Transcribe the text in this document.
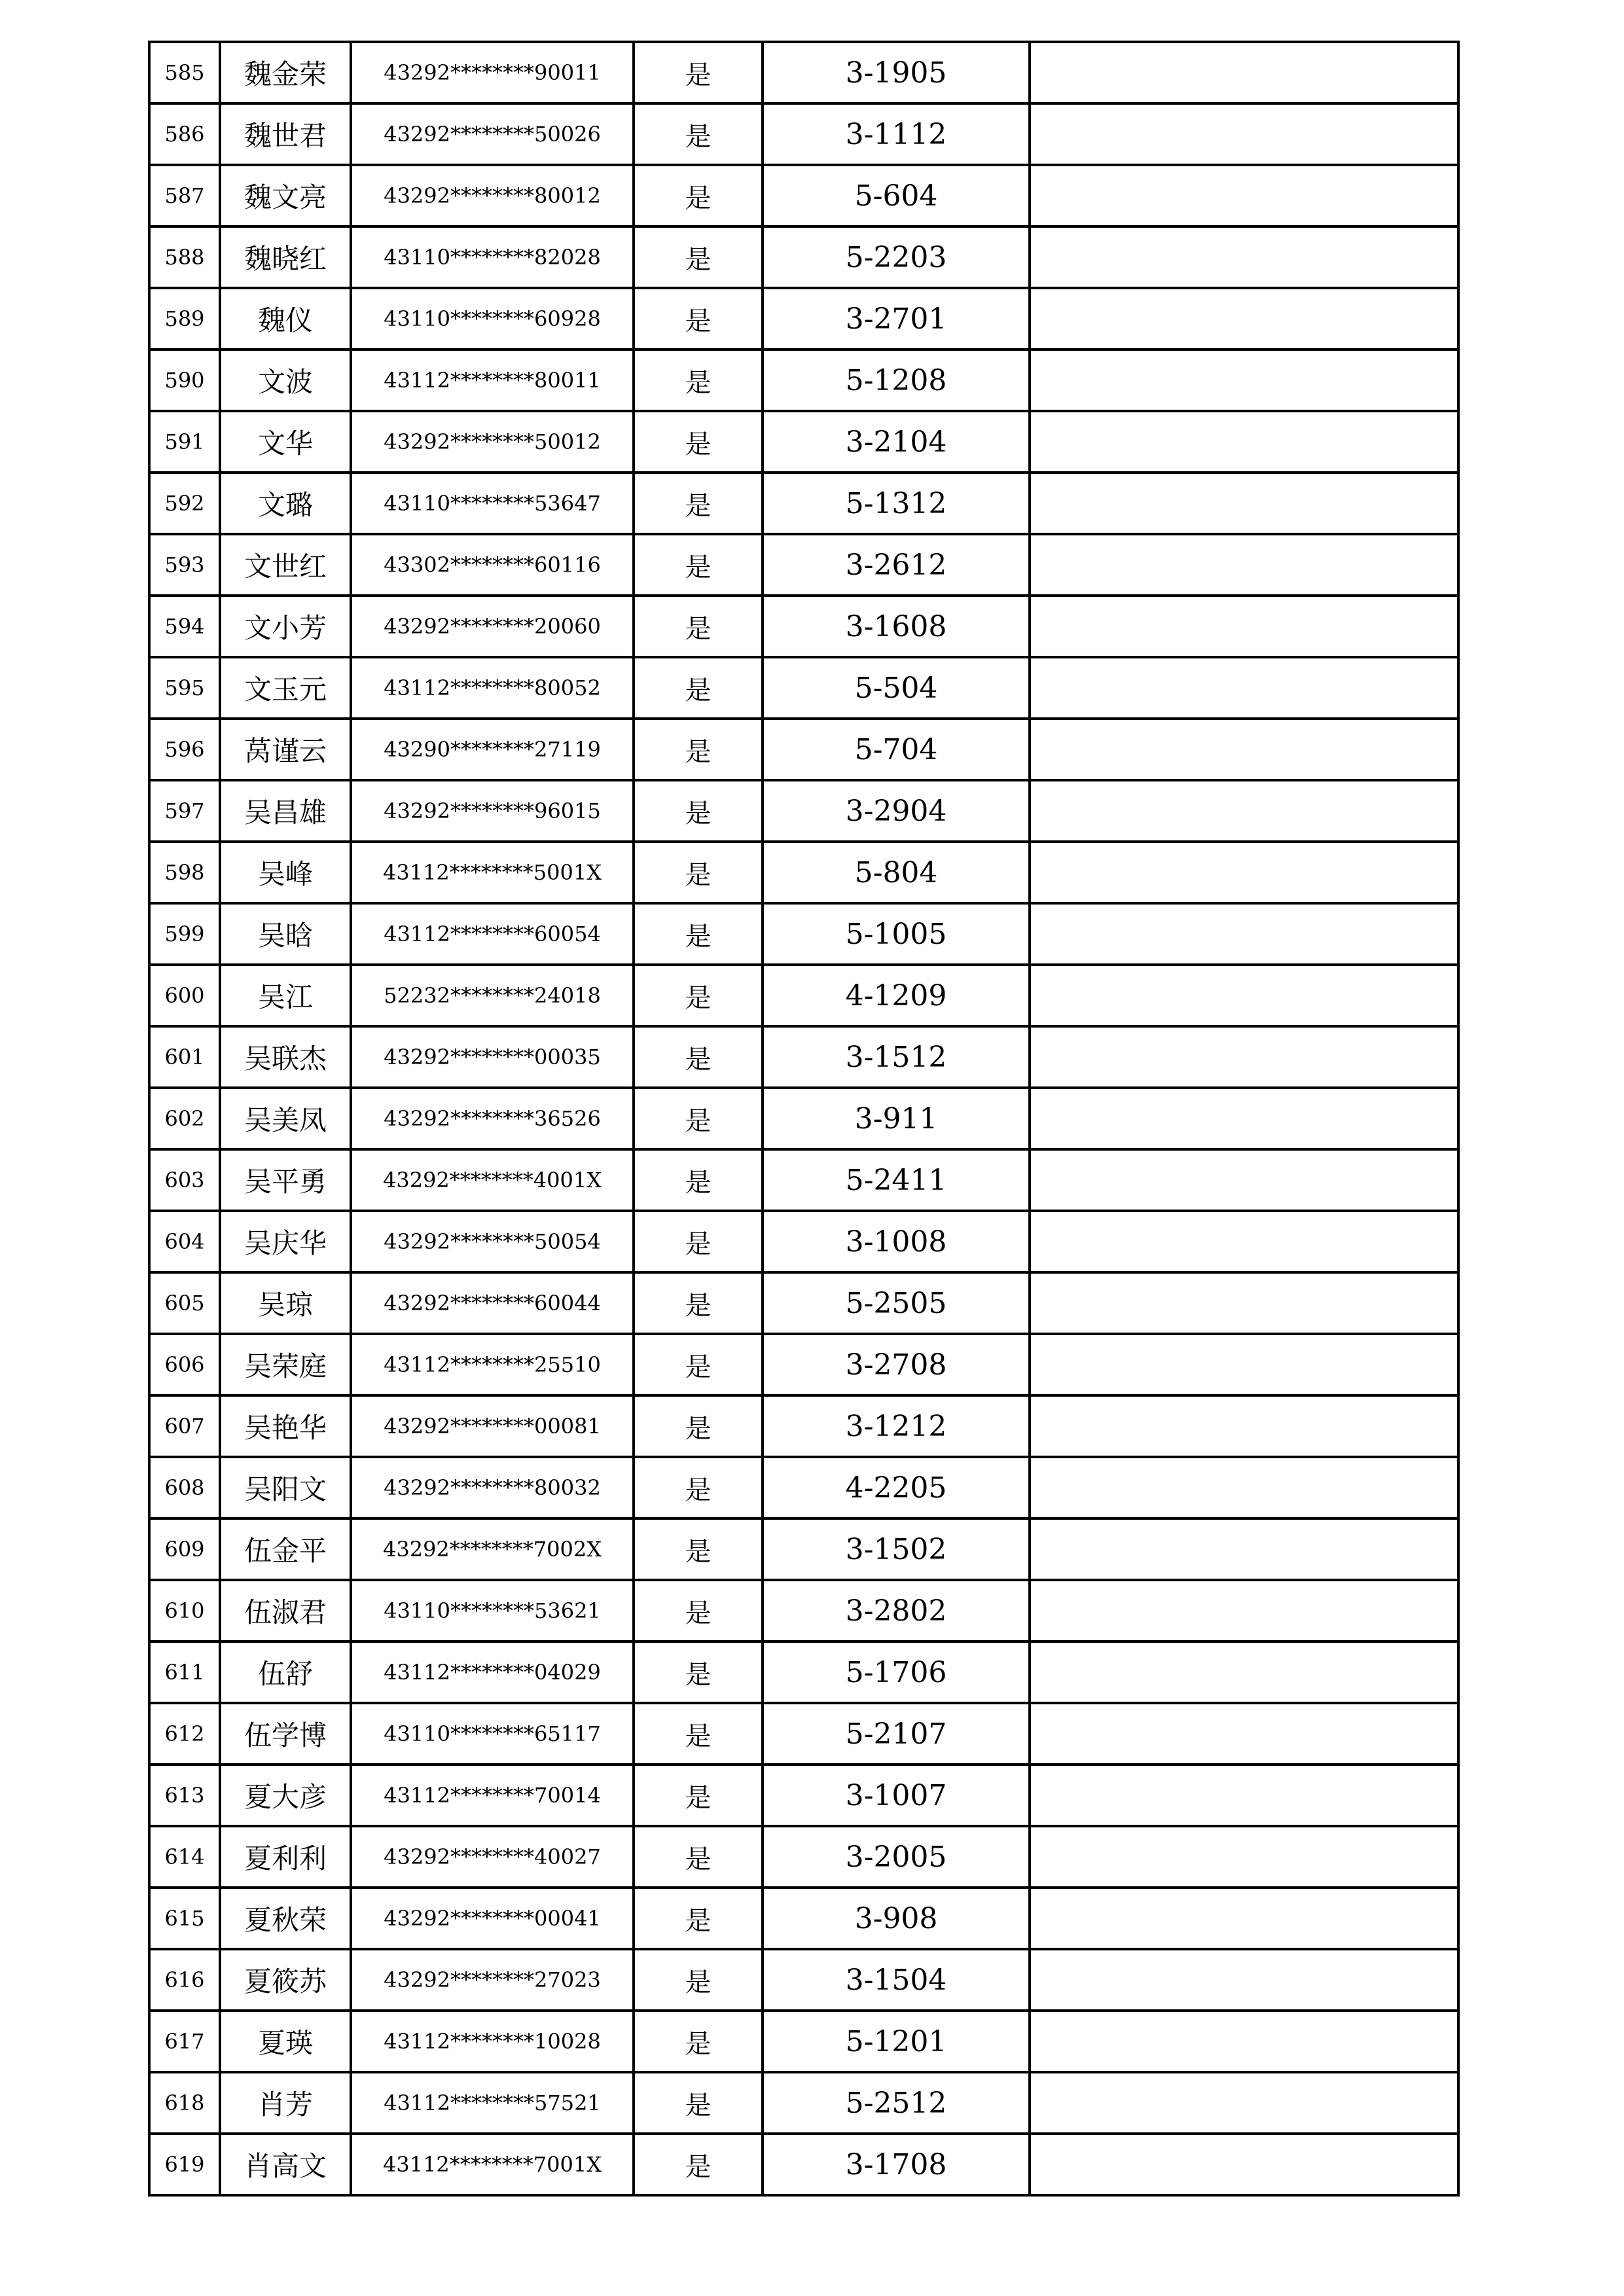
585	魏金荣	43292********90011	是	3-1905	
586	魏世君	43292********50026	是	3-1112	
587	魏文亮	43292********80012	是	5-604	
588	魏晓红	43110********82028	是	5-2203	
589	魏仪	43110********60928	是	3-2701	
590	文波	43112********80011	是	5-1208	
591	文华	43292********50012	是	3-2104	
592	文璐	43110********53647	是	5-1312	
593	文世红	43302********60116	是	3-2612	
594	文小芳	43292********20060	是	3-1608	
595	文玉元	43112********80052	是	5-504	
596	莴谨云	43290********27119	是	5-704	
597	吴昌雄	43292********96015	是	3-2904	
598	吴峰	43112********5001X	是	5-804	
599	吴晗	43112********60054	是	5-1005	
600	吴江	52232********24018	是	4-1209	
601	吴联杰	43292********00035	是	3-1512	
602	吴美凤	43292********36526	是	3-911	
603	吴平勇	43292********4001X	是	5-2411	
604	吴庆华	43292********50054	是	3-1008	
605	吴琼	43292********60044	是	5-2505	
606	吴荣庭	43112********25510	是	3-2708	
607	吴艳华	43292********00081	是	3-1212	
608	吴阳文	43292********80032	是	4-2205	
609	伍金平	43292********7002X	是	3-1502	
610	伍淑君	43110********53621	是	3-2802	
611	伍舒	43112********04029	是	5-1706	
612	伍学博	43110********65117	是	5-2107	
613	夏大彦	43112********70014	是	3-1007	
614	夏利利	43292********40027	是	3-2005	
615	夏秋荣	43292********00041	是	3-908	
616	夏筱苏	43292********27023	是	3-1504	
617	夏瑛	43112********10028	是	5-1201	
618	肖芳	43112********57521	是	5-2512	
619	肖高文	43112********7001X	是	3-1708	
